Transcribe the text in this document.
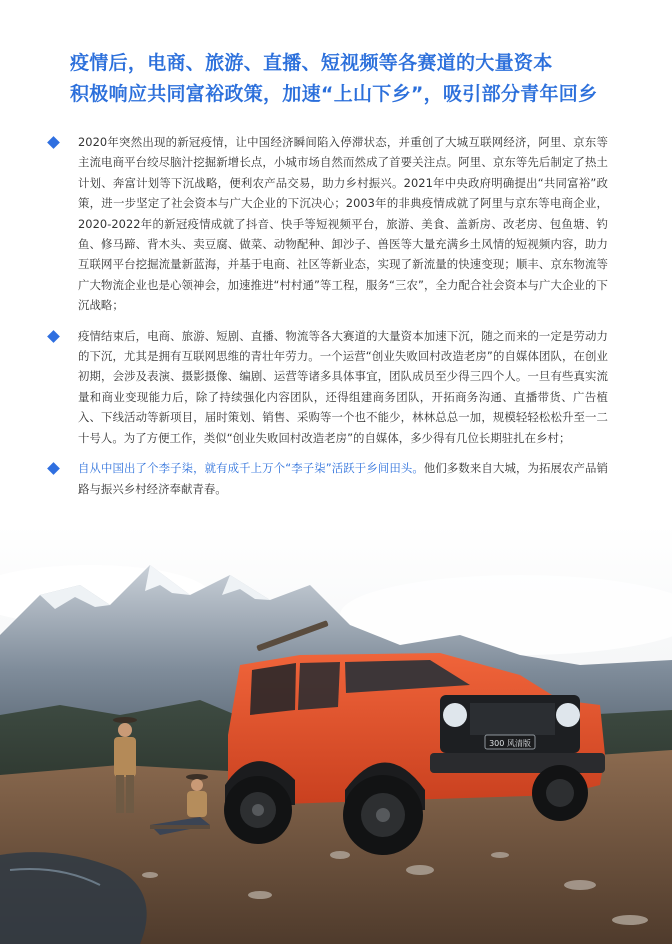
疫情后，电商、旅游、直播、短视频等各赛道的大量资本
积极响应共同富裕政策，加速“上山下乡”，吸引部分青年回乡
2020年突然出现的新冠疫情，让中国经济瞬间陷入停滞状态，并重创了大城互联网经济，阿里、京东等主流电商平台绞尽脑汁挖掘新增长点，小城市场自然而然成了首要关注点。阿里、京东等先后制定了热土计划、奔富计划等下沉战略，便利农产品交易，助力乡村振兴。2021年中央政府明确提出“共同富裕”政策，进一步坚定了社会资本与广大企业的下沉决心；2003年的非典疫情成就了阿里与京东等电商企业，2020-2022年的新冠疫情成就了抖音、快手等短视频平台，旅游、美食、盖新房、改老房、包鱼塘、钓鱼、修马蹄、背木头、卖豆腐、做菜、动物配种、卸沙子、兽医等大量充满乡土风情的短视频内容，助力互联网平台挖掘流量新蓝海，并基于电商、社区等新业态，实现了新流量的快速变现；顺丰、京东物流等广大物流企业也是心领神会，加速推进“村村通”等工程，服务“三农”，全力配合社会资本与广大企业的下沉战略；
疫情结束后，电商、旅游、短剧、直播、物流等各大赛道的大量资本加速下沉，随之而来的一定是劳动力的下沉，尤其是拥有互联网思维的青壮年劳力。一个运营“创业失败回村改造老房”的自媒体团队，在创业初期，会涉及表演、摄影摄像、编剧、运营等诸多具体事宜，团队成员至少得三四个人。一旦有些真实流量和商业变现能力后，除了持续强化内容团队，还得组建商务团队，开拓商务沟通、直播带货、广告植入、下线活动等新项目，届时策划、销售、采购等一个也不能少，林林总总一加，规模轻轻松松升至一二十号人。为了方便工作，类似“创业失败回村改造老房”的自媒体，多少得有几位长期驻扎在乡村；
自从中国出了个李子柒，就有成千上万个“李子柒”活跃于乡间田头。他们多数来自大城，为拓展农产品销路与振兴乡村经济奉献青春。
300 风清版
